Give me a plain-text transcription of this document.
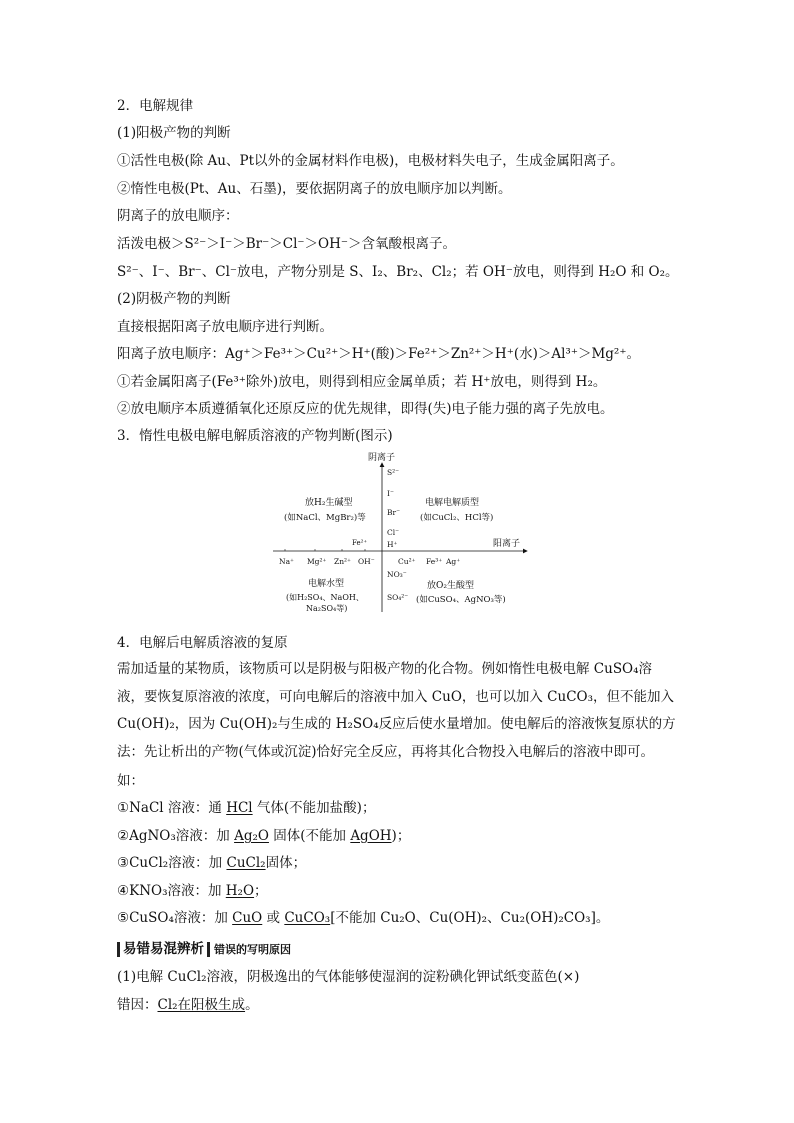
2．电解规律
(1)阳极产物的判断
①活性电极(除 Au、Pt以外的金属材料作电极)，电极材料失电子，生成金属阳离子。
②惰性电极(Pt、Au、石墨)，要依据阴离子的放电顺序加以判断。
阴离子的放电顺序：
活泼电极＞S²⁻＞I⁻＞Br⁻＞Cl⁻＞OH⁻＞含氧酸根离子。
S²⁻、I⁻、Br⁻、Cl⁻放电，产物分别是 S、I₂、Br₂、Cl₂；若 OH⁻放电，则得到 H₂O 和 O₂。
(2)阴极产物的判断
直接根据阳离子放电顺序进行判断。
阳离子放电顺序：Ag⁺＞Fe³⁺＞Cu²⁺＞H⁺(酸)＞Fe²⁺＞Zn²⁺＞H⁺(水)＞Al³⁺＞Mg²⁺。
①若金属阳离子(Fe³⁺除外)放电，则得到相应金属单质；若 H⁺放电，则得到 H₂。
②放电顺序本质遵循氧化还原反应的优先规律，即得(失)电子能力强的离子先放电。
3．惰性电极电解电解质溶液的产物判断(图示)
阴离子
阳离子
S²⁻
I⁻
Br⁻
Cl⁻
H⁺
NO₃⁻
SO₄²⁻
Na⁺ Mg²⁺ Zn²⁺ OH⁻	Cu²⁺ Fe³⁺ Ag⁺
Fe²⁺
放H₂生碱型
(如NaCl、MgBr₂)等
电解电解质型
(如CuCl₂、HCl等)
电解水型
(如H₂SO₄、NaOH、
Na₂SO₄等)
放O₂生酸型
(如CuSO₄、AgNO₃等)
4．电解后电解质溶液的复原
需加适量的某物质，该物质可以是阴极与阳极产物的化合物。例如惰性电极电解 CuSO₄溶液，要恢复原溶液的浓度，可向电解后的溶液中加入 CuO，也可以加入 CuCO₃，但不能加入 Cu(OH)₂，因为 Cu(OH)₂与生成的 H₂SO₄反应后使水量增加。使电解后的溶液恢复原状的方法：先让析出的产物(气体或沉淀)恰好完全反应，再将其化合物投入电解后的溶液中即可。
如：
①NaCl 溶液：通 HCl 气体(不能加盐酸)；
②AgNO₃溶液：加 Ag₂O 固体(不能加 AgOH)；
③CuCl₂溶液：加 CuCl₂固体；
④KNO₃溶液：加 H₂O；
⑤CuSO₄溶液：加 CuO 或 CuCO₃[不能加 Cu₂O、Cu(OH)₂、Cu₂(OH)₂CO₃]。
易错易混辨析 错误的写明原因
(1)电解 CuCl₂溶液，阴极逸出的气体能够使湿润的淀粉碘化钾试纸变蓝色(×)
错因：Cl₂在阳极生成。
